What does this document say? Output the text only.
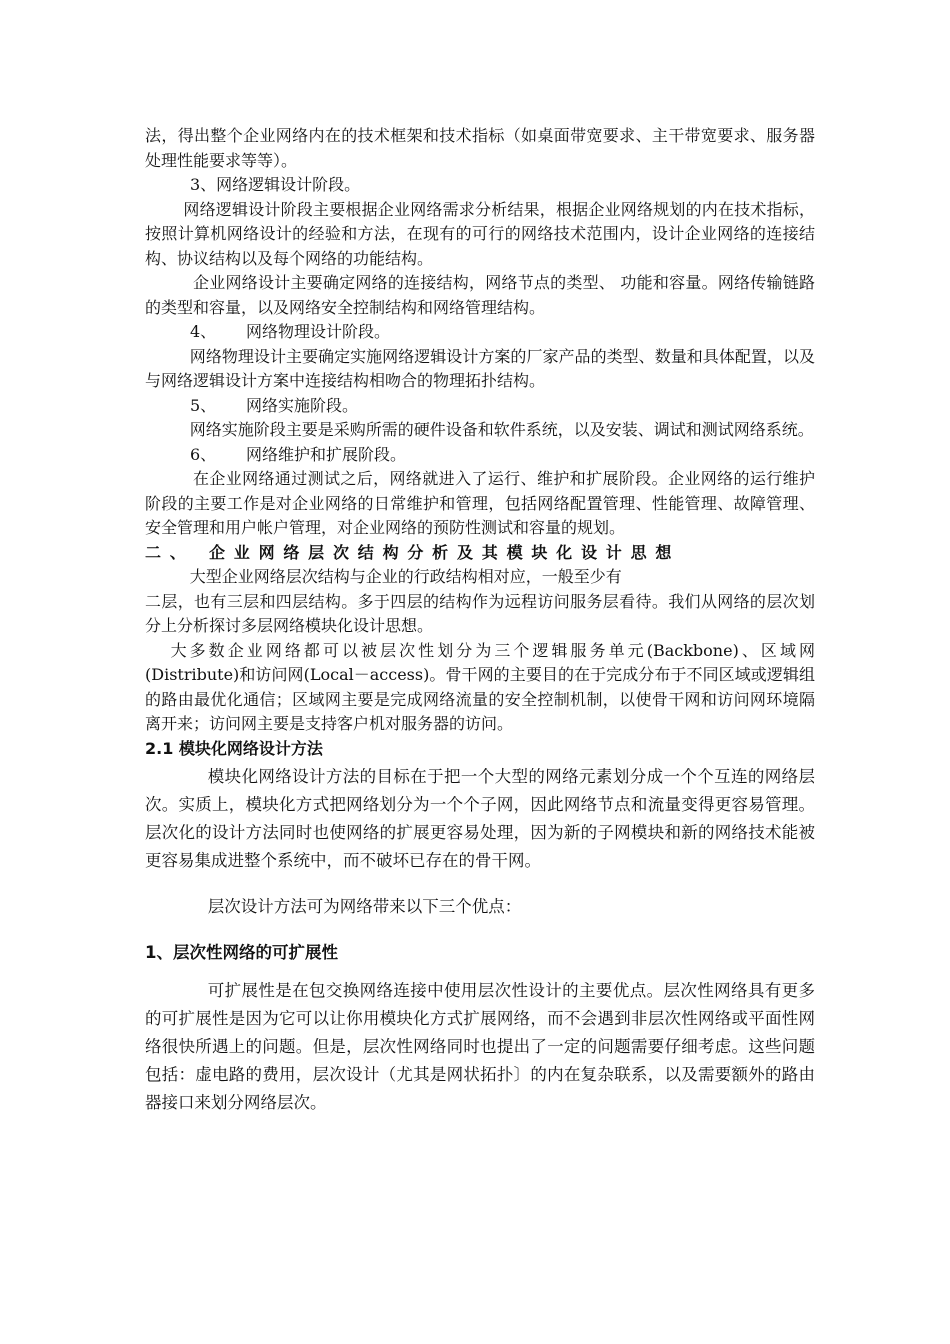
法，得出整个企业网络内在的技术框架和技术指标（如桌面带宽要求、主干带宽要求、服务器处理性能要求等等）。

3、网络逻辑设计阶段。

网络逻辑设计阶段主要根据企业网络需求分析结果，根据企业网络规划的内在技术指标，按照计算机网络设计的经验和方法，在现有的可行的网络技术范围内，设计企业网络的连接结构、协议结构以及每个网络的功能结构。

企业网络设计主要确定网络的连接结构，网络节点的类型、 功能和容量。网络传输链路的类型和容量，以及网络安全控制结构和网络管理结构。

4、 网络物理设计阶段。

网络物理设计主要确定实施网络逻辑设计方案的厂家产品的类型、数量和具体配置，以及与网络逻辑设计方案中连接结构相吻合的物理拓扑结构。

5、 网络实施阶段。

网络实施阶段主要是采购所需的硬件设备和软件系统，以及安装、调试和测试网络系统。

6、 网络维护和扩展阶段。

在企业网络通过测试之后，网络就进入了运行、维护和扩展阶段。企业网络的运行维护阶段的主要工作是对企业网络的日常维护和管理，包括网络配置管理、性能管理、故障管理、安全管理和用户帐户管理，对企业网络的预防性测试和容量的规划。

二、 企业网络层次结构分析及其模块化设计思想

大型企业网络层次结构与企业的行政结构相对应，一般至少有

二层，也有三层和四层结构。多于四层的结构作为远程访问服务层看待。我们从网络的层次划分上分析探讨多层网络模块化设计思想。

大多数企业网络都可以被层次性划分为三个逻辑服务单元(Backbone)、区域网(Distribute)和访问网(Local－access)。骨干网的主要目的在于完成分布于不同区域或逻辑组的路由最优化通信；区域网主要是完成网络流量的安全控制机制，以使骨干网和访问网环境隔离开来；访问网主要是支持客户机对服务器的访问。

2.1 模块化网络设计方法

模块化网络设计方法的目标在于把一个大型的网络元素划分成一个个互连的网络层次。实质上，模块化方式把网络划分为一个个子网，因此网络节点和流量变得更容易管理。层次化的设计方法同时也使网络的扩展更容易处理，因为新的子网模块和新的网络技术能被更容易集成进整个系统中，而不破坏已存在的骨干网。

层次设计方法可为网络带来以下三个优点：

1、层次性网络的可扩展性

可扩展性是在包交换网络连接中使用层次性设计的主要优点。层次性网络具有更多的可扩展性是因为它可以让你用模块化方式扩展网络，而不会遇到非层次性网络或平面性网络很快所遇上的问题。但是，层次性网络同时也提出了一定的问题需要仔细考虑。这些问题包括：虚电路的费用，层次设计（尤其是网状拓扑〕的内在复杂联系，以及需要额外的路由器接口来划分网络层次。
